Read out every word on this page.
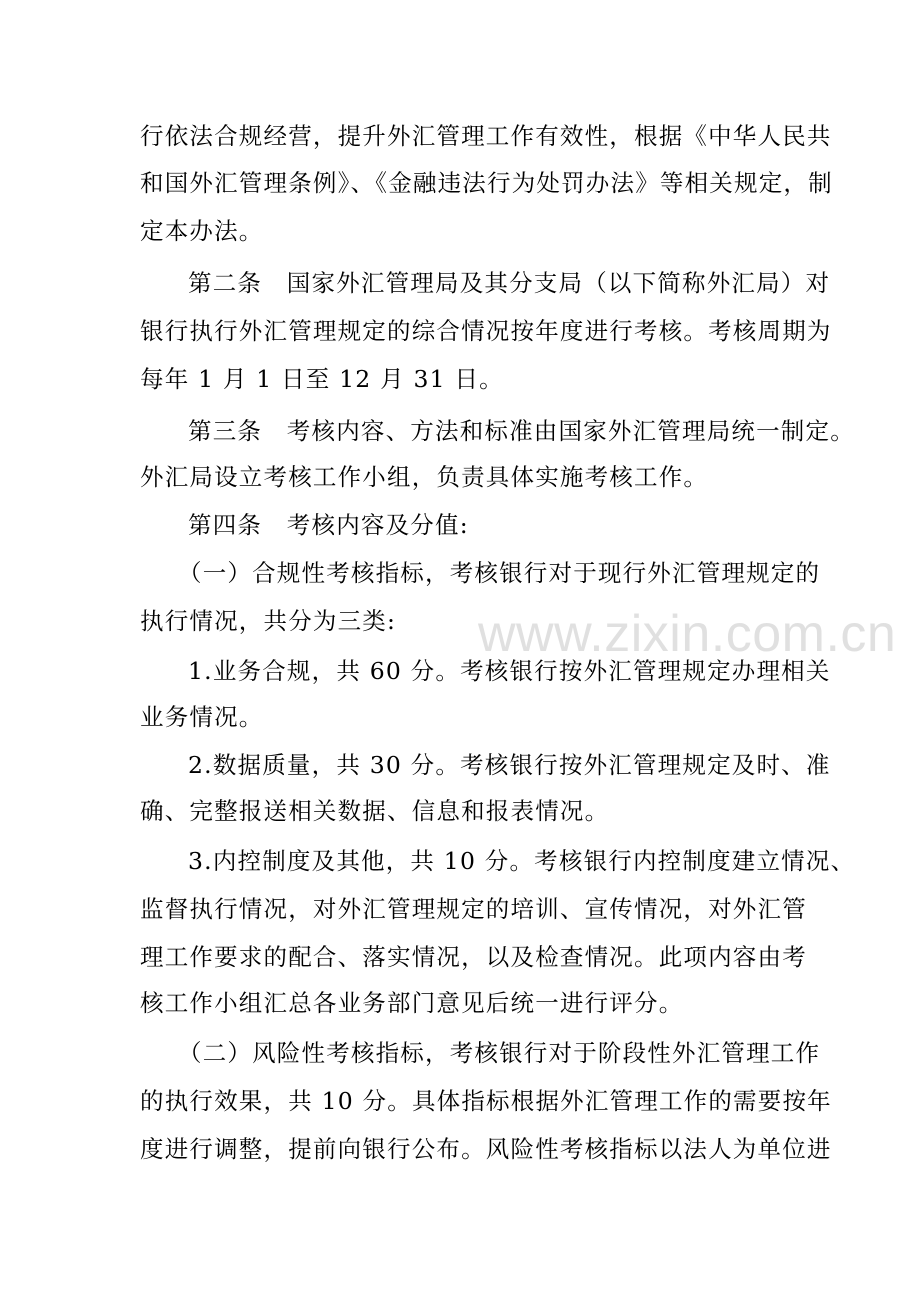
行依法合规经营，提升外汇管理工作有效性，根据《中华人民共
和国外汇管理条例》、《金融违法行为处罚办法》等相关规定，制
定本办法。
第二条　国家外汇管理局及其分支局（以下简称外汇局）对
银行执行外汇管理规定的综合情况按年度进行考核。考核周期为
每年 1 月 1 日至 12 月 31 日。
第三条　考核内容、方法和标准由国家外汇管理局统一制定。
外汇局设立考核工作小组，负责具体实施考核工作。
第四条　考核内容及分值:
（一）合规性考核指标，考核银行对于现行外汇管理规定的
执行情况，共分为三类:
1.业务合规，共 60 分。考核银行按外汇管理规定办理相关
业务情况。
2.数据质量，共 30 分。考核银行按外汇管理规定及时、准
确、完整报送相关数据、信息和报表情况。
3.内控制度及其他，共 10 分。考核银行内控制度建立情况、
监督执行情况，对外汇管理规定的培训、宣传情况，对外汇管
理工作要求的配合、落实情况，以及检查情况。此项内容由考
核工作小组汇总各业务部门意见后统一进行评分。
（二）风险性考核指标，考核银行对于阶段性外汇管理工作
的执行效果，共 10 分。具体指标根据外汇管理工作的需要按年
度进行调整，提前向银行公布。风险性考核指标以法人为单位进
www.zixin.com.cn
